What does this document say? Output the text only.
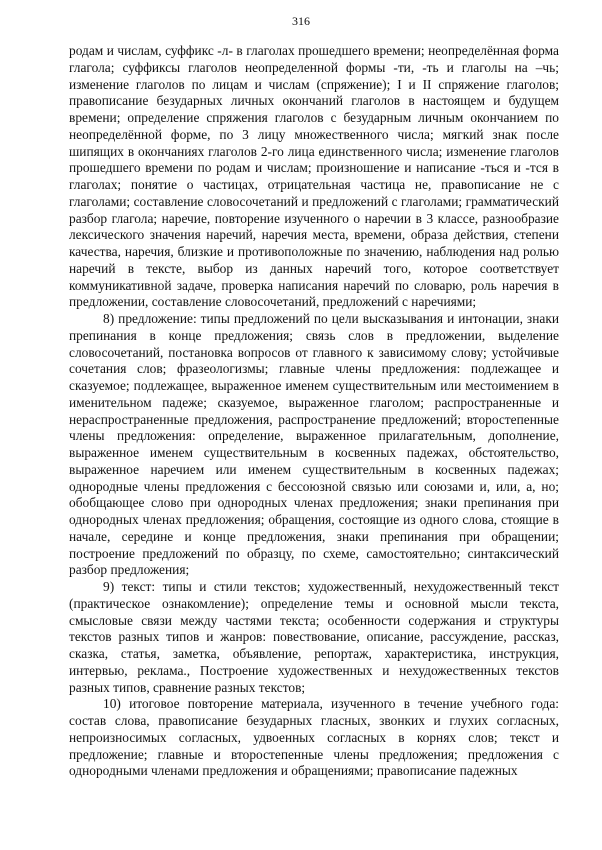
316

родам и числам, суффикс -л- в глаголах прошедшего времени; неопределённая форма глагола; суффиксы глаголов неопределенной формы -ти, -ть и глаголы на –чь; изменение глаголов по лицам и числам (спряжение); I и II спряжение глаголов; правописание безударных личных окончаний глаголов в настоящем и будущем времени; определение спряжения глаголов с безударным личным окончанием по неопределённой форме, по 3 лицу множественного числа; мягкий знак после шипящих в окончаниях глаголов 2-го лица единственного числа; изменение глаголов прошедшего времени по родам и числам; произношение и написание -ться и -тся в глаголах; понятие о частицах, отрицательная частица не, правописание не с глаголами; составление словосочетаний и предложений с глаголами; грамматический разбор глагола; наречие, повторение изученного о наречии в 3 классе, разнообразие лексического значения наречий, наречия места, времени, образа действия, степени качества, наречия, близкие и противоположные по значению, наблюдения над ролью наречий в тексте, выбор из данных наречий того, которое соответствует коммуникативной задаче, проверка написания наречий по словарю, роль наречия в предложении, составление словосочетаний, предложений с наречиями;

8) предложение: типы предложений по цели высказывания и интонации, знаки препинания в конце предложения; связь слов в предложении, выделение словосочетаний, постановка вопросов от главного к зависимому слову; устойчивые сочетания слов; фразеологизмы; главные члены предложения: подлежащее и сказуемое; подлежащее, выраженное именем существительным или местоимением в именительном падеже; сказуемое, выраженное глаголом; распространенные и нераспространенные предложения, распространение предложений; второстепенные члены предложения: определение, выраженное прилагательным, дополнение, выраженное именем существительным в косвенных падежах, обстоятельство, выраженное наречием или именем существительным в косвенных падежах; однородные члены предложения с бессоюзной связью или союзами и, или, а, но; обобщающее слово при однородных членах предложения; знаки препинания при однородных членах предложения; обращения, состоящие из одного слова, стоящие в начале, середине и конце предложения, знаки препинания при обращении; построение предложений по образцу, по схеме, самостоятельно; синтаксический разбор предложения;

9) текст: типы и стили текстов; художественный, нехудожественный текст (практическое ознакомление); определение темы и основной мысли текста, смысловые связи между частями текста; особенности содержания и структуры текстов разных типов и жанров: повествование, описание, рассуждение, рассказ, сказка, статья, заметка, объявление, репортаж, характеристика, инструкция, интервью, реклама., Построение художественных и нехудожественных текстов разных типов, сравнение разных текстов;

10) итоговое повторение материала, изученного в течение учебного года: состав слова, правописание безударных гласных, звонких и глухих согласных, непроизносимых согласных, удвоенных согласных в корнях слов; текст и предложение; главные и второстепенные члены предложения; предложения с однородными членами предложения и обращениями; правописание падежных
